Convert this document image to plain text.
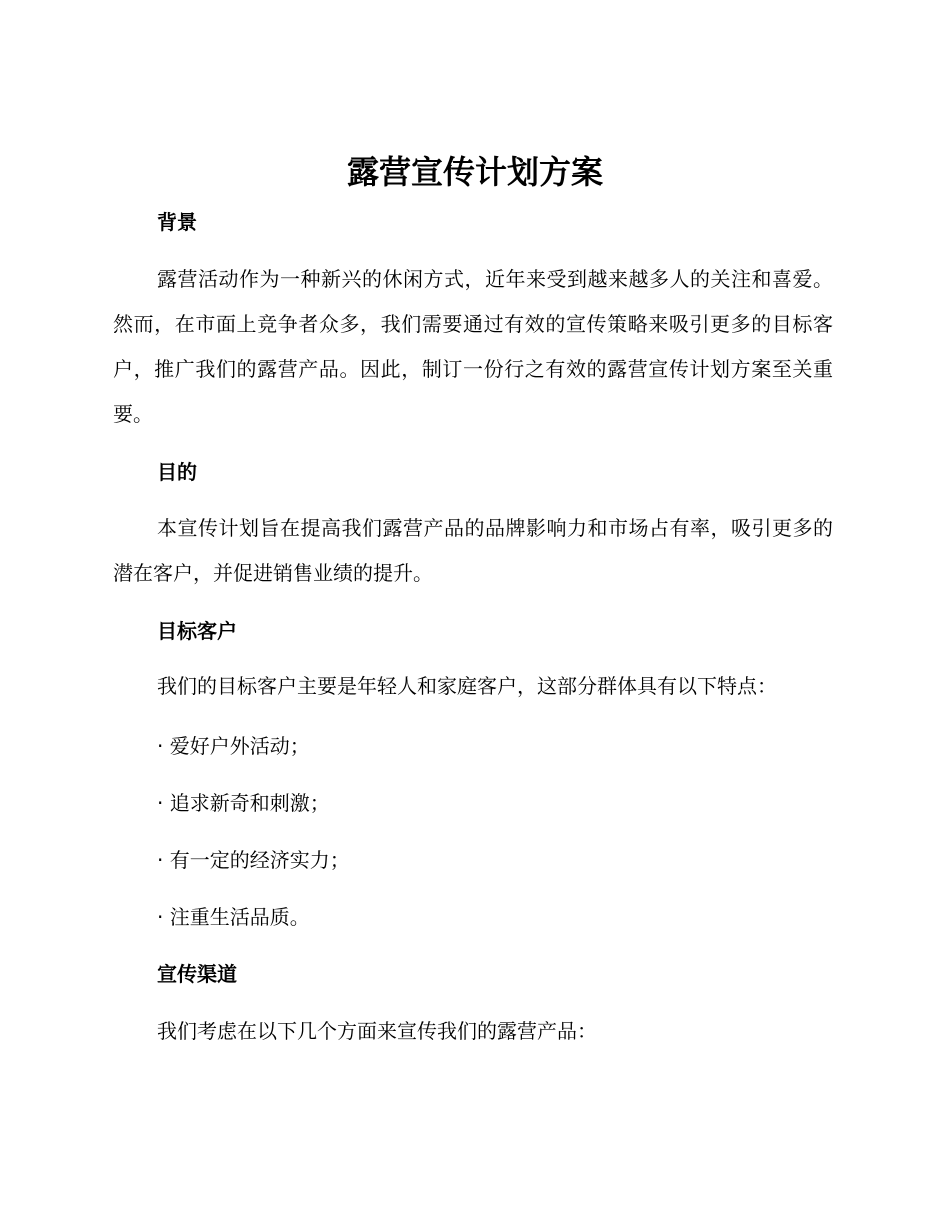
露营宣传计划方案
背景

露营活动作为一种新兴的休闲方式，近年来受到越来越多人的关注和喜爱。然而，在市面上竞争者众多，我们需要通过有效的宣传策略来吸引更多的目标客户，推广我们的露营产品。因此，制订一份行之有效的露营宣传计划方案至关重要。

目的

本宣传计划旨在提高我们露营产品的品牌影响力和市场占有率，吸引更多的潜在客户，并促进销售业绩的提升。

目标客户

我们的目标客户主要是年轻人和家庭客户，这部分群体具有以下特点：

· 爱好户外活动；
· 追求新奇和刺激；
· 有一定的经济实力；
· 注重生活品质。
宣传渠道

我们考虑在以下几个方面来宣传我们的露营产品：
